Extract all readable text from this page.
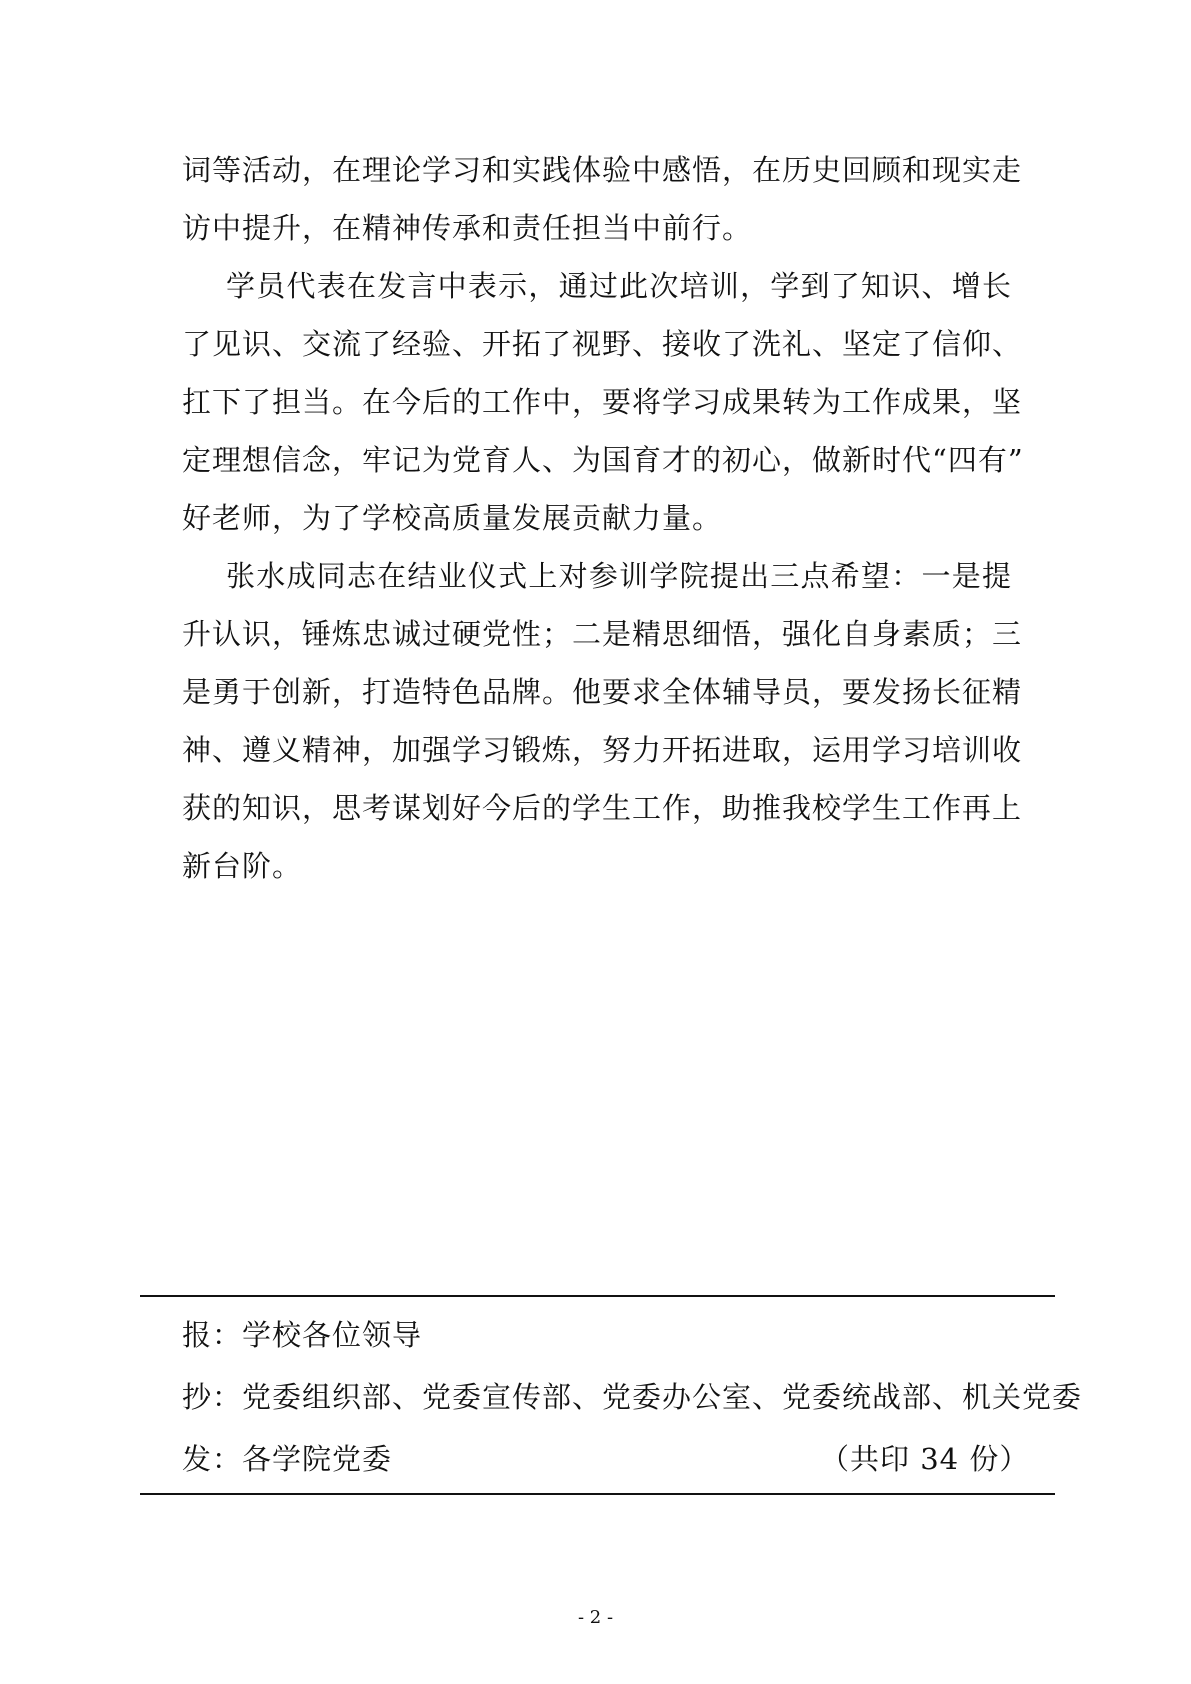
词等活动，在理论学习和实践体验中感悟，在历史回顾和现实走
访中提升，在精神传承和责任担当中前行。
学员代表在发言中表示，通过此次培训，学到了知识、增长
了见识、交流了经验、开拓了视野、接收了洗礼、坚定了信仰、
扛下了担当。在今后的工作中，要将学习成果转为工作成果，坚
定理想信念，牢记为党育人、为国育才的初心，做新时代“四有”
好老师，为了学校高质量发展贡献力量。
张水成同志在结业仪式上对参训学院提出三点希望：一是提
升认识，锤炼忠诚过硬党性；二是精思细悟，强化自身素质；三
是勇于创新，打造特色品牌。他要求全体辅导员，要发扬长征精
神、遵义精神，加强学习锻炼，努力开拓进取，运用学习培训收
获的知识，思考谋划好今后的学生工作，助推我校学生工作再上
新台阶。
报：学校各位领导
抄：党委组织部、党委宣传部、党委办公室、党委统战部、机关党委
发：各学院党委	（共印 34 份）
- 2 -
